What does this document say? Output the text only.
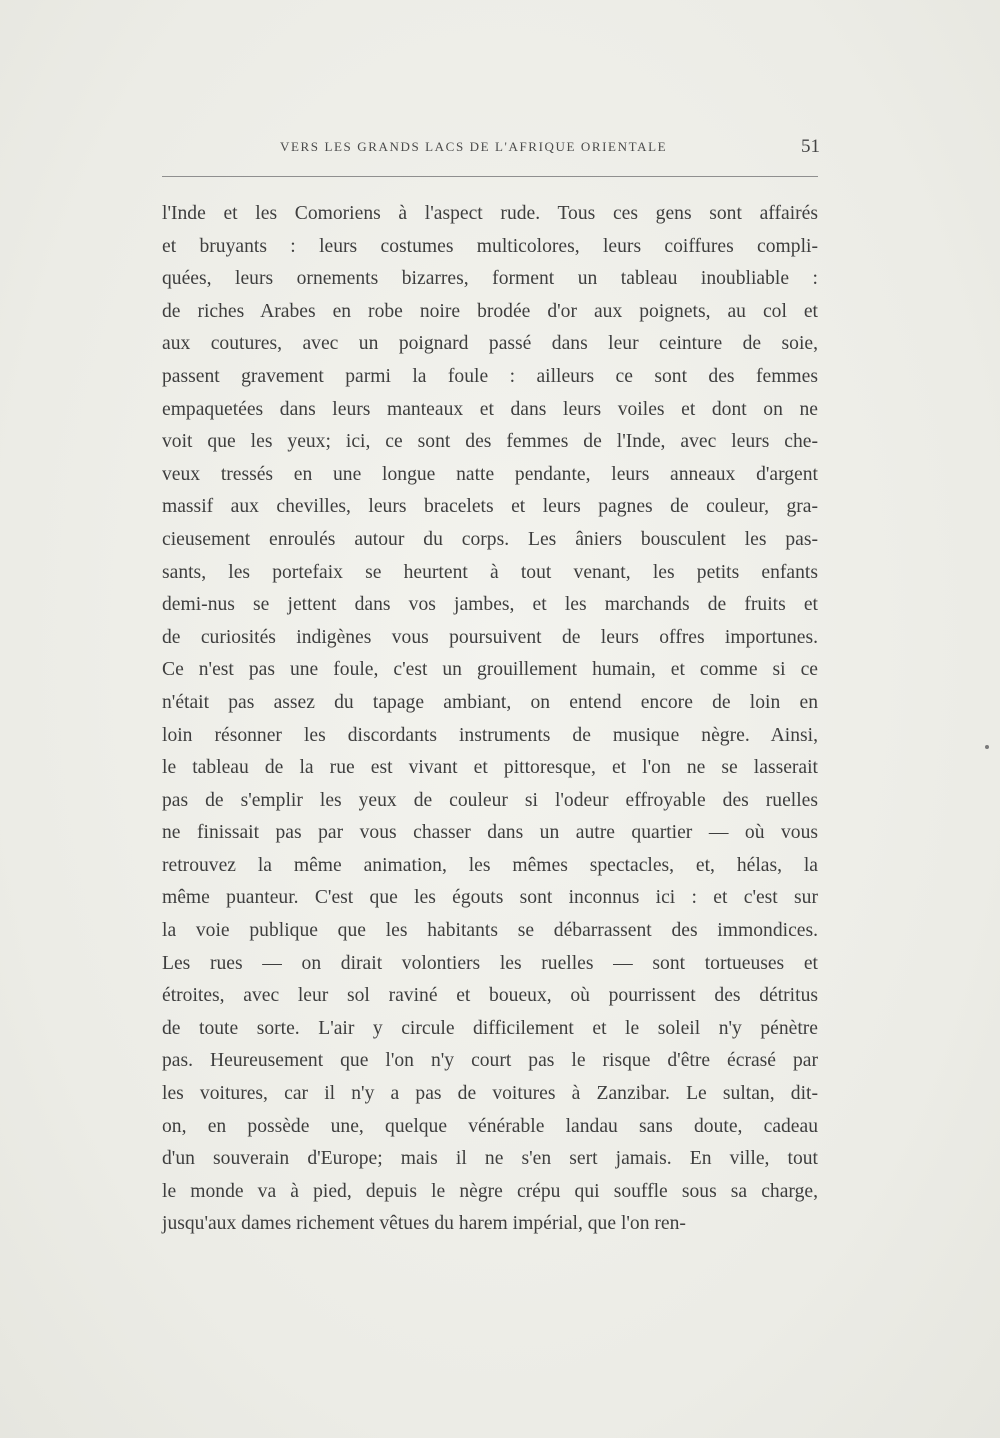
VERS LES GRANDS LACS DE L'AFRIQUE ORIENTALE	51
l'Inde et les Comoriens à l'aspect rude. Tous ces gens sont affairés
et bruyants : leurs costumes multicolores, leurs coiffures compli-
quées, leurs ornements bizarres, forment un tableau inoubliable :
de riches Arabes en robe noire brodée d'or aux poignets, au col et
aux coutures, avec un poignard passé dans leur ceinture de soie,
passent gravement parmi la foule : ailleurs ce sont des femmes
empaquetées dans leurs manteaux et dans leurs voiles et dont on ne
voit que les yeux; ici, ce sont des femmes de l'Inde, avec leurs che-
veux tressés en une longue natte pendante, leurs anneaux d'argent
massif aux chevilles, leurs bracelets et leurs pagnes de couleur, gra-
cieusement enroulés autour du corps. Les âniers bousculent les pas-
sants, les portefaix se heurtent à tout venant, les petits enfants
demi-nus se jettent dans vos jambes, et les marchands de fruits et
de curiosités indigènes vous poursuivent de leurs offres importunes.
Ce n'est pas une foule, c'est un grouillement humain, et comme si ce
n'était pas assez du tapage ambiant, on entend encore de loin en
loin résonner les discordants instruments de musique nègre. Ainsi,
le tableau de la rue est vivant et pittoresque, et l'on ne se lasserait
pas de s'emplir les yeux de couleur si l'odeur effroyable des ruelles
ne finissait pas par vous chasser dans un autre quartier — où vous
retrouvez la même animation, les mêmes spectacles, et, hélas, la
même puanteur. C'est que les égouts sont inconnus ici : et c'est sur
la voie publique que les habitants se débarrassent des immondices.
Les rues — on dirait volontiers les ruelles — sont tortueuses et
étroites, avec leur sol raviné et boueux, où pourrissent des détritus
de toute sorte. L'air y circule difficilement et le soleil n'y pénètre
pas. Heureusement que l'on n'y court pas le risque d'être écrasé par
les voitures, car il n'y a pas de voitures à Zanzibar. Le sultan, dit-
on, en possède une, quelque vénérable landau sans doute, cadeau
d'un souverain d'Europe; mais il ne s'en sert jamais. En ville, tout
le monde va à pied, depuis le nègre crépu qui souffle sous sa charge,
jusqu'aux dames richement vêtues du harem impérial, que l'on ren-
